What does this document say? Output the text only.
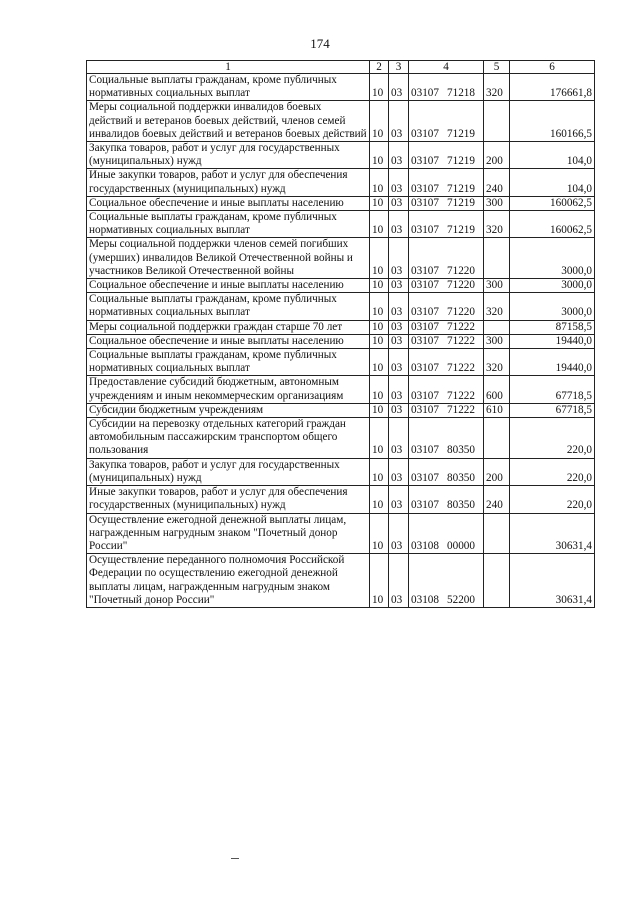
174
1	2	3	4	5	6
Социальные выплаты гражданам, кроме публичных нормативных социальных выплат	10	03	03107 71218	320	176661,8
Меры социальной поддержки инвалидов боевых действий и ветеранов боевых действий, членов семей инвалидов боевых действий и ветеранов боевых действий	10	03	03107 71219		160166,5
Закупка товаров, работ и услуг для государственных (муниципальных) нужд	10	03	03107 71219	200	104,0
Иные закупки товаров, работ и услуг для обеспечения государственных (муниципальных) нужд	10	03	03107 71219	240	104,0
Социальное обеспечение и иные выплаты населению	10	03	03107 71219	300	160062,5
Социальные выплаты гражданам, кроме публичных нормативных социальных выплат	10	03	03107 71219	320	160062,5
Меры социальной поддержки членов семей погибших (умерших) инвалидов Великой Отечественной войны и участников Великой Отечественной войны	10	03	03107 71220		3000,0
Социальное обеспечение и иные выплаты населению	10	03	03107 71220	300	3000,0
Социальные выплаты гражданам, кроме публичных нормативных социальных выплат	10	03	03107 71220	320	3000,0
Меры социальной поддержки граждан старше 70 лет	10	03	03107 71222		87158,5
Социальное обеспечение и иные выплаты населению	10	03	03107 71222	300	19440,0
Социальные выплаты гражданам, кроме публичных нормативных социальных выплат	10	03	03107 71222	320	19440,0
Предоставление субсидий бюджетным, автономным учреждениям и иным некоммерческим организациям	10	03	03107 71222	600	67718,5
Субсидии бюджетным учреждениям	10	03	03107 71222	610	67718,5
Субсидии на перевозку отдельных категорий граждан автомобильным пассажирским транспортом общего пользования	10	03	03107 80350		220,0
Закупка товаров, работ и услуг для государственных (муниципальных) нужд	10	03	03107 80350	200	220,0
Иные закупки товаров, работ и услуг для обеспечения государственных (муниципальных) нужд	10	03	03107 80350	240	220,0
Осуществление ежегодной денежной выплаты лицам, награжденным нагрудным знаком "Почетный донор России"	10	03	03108 00000		30631,4
Осуществление переданного полномочия Российской Федерации по осуществлению ежегодной денежной выплаты лицам, награжденным нагрудным знаком "Почетный донор России"	10	03	03108 52200		30631,4
